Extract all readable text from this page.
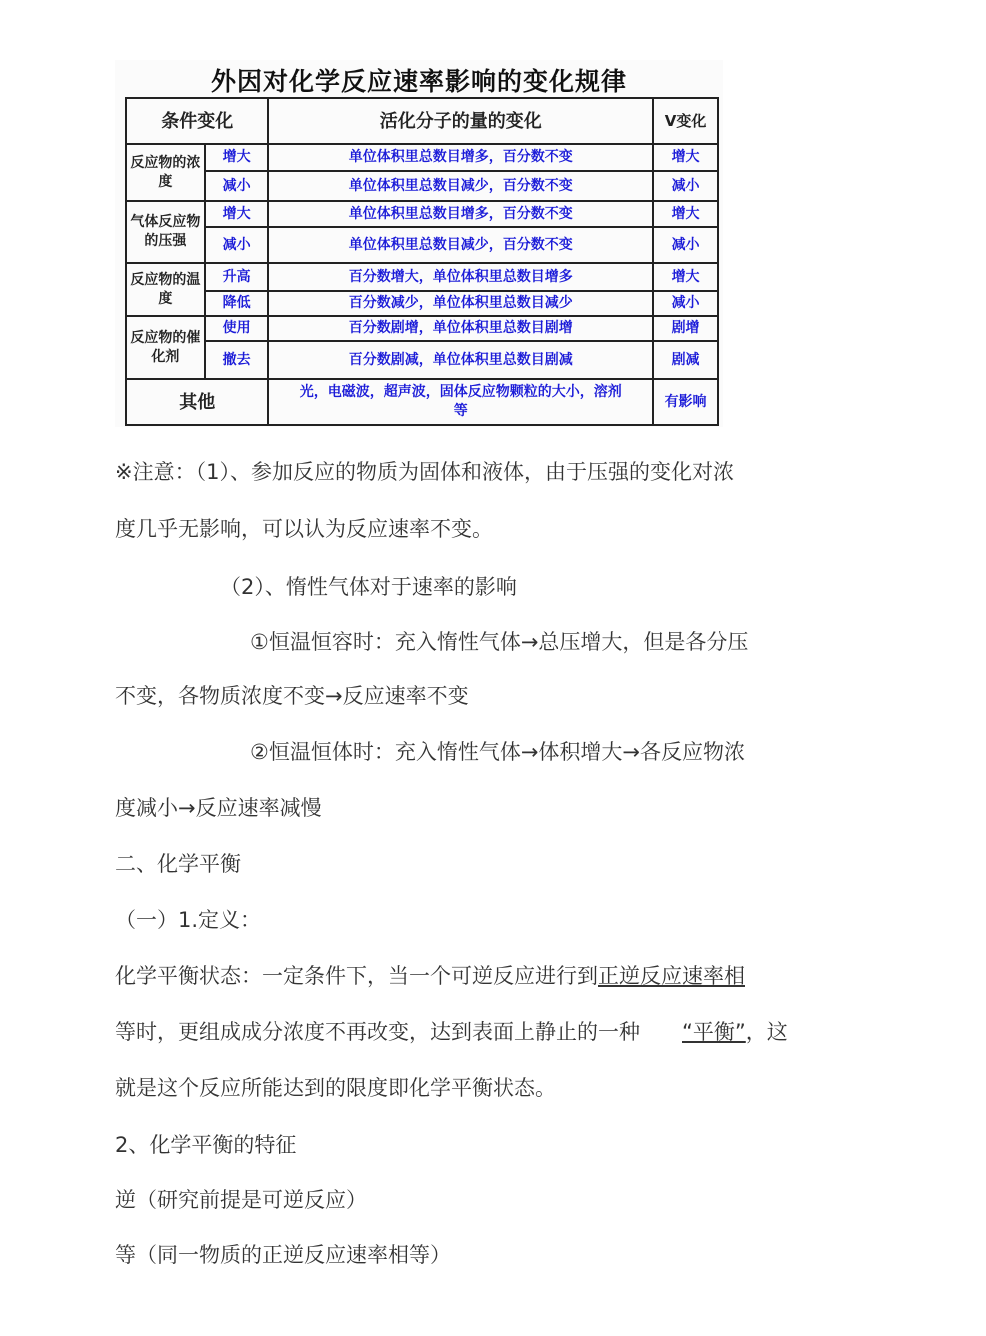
外因对化学反应速率影响的变化规律
条件变化		活化分子的量的变化	V变化
反应物的浓度	增大	单位体积里总数目增多，百分数不变	增大
	减小	单位体积里总数目减少，百分数不变	减小
气体反应物的压强	增大	单位体积里总数目增多，百分数不变	增大
	减小	单位体积里总数目减少，百分数不变	减小
反应物的温度	升高	百分数增大，单位体积里总数目增多	增大
	降低	百分数减少，单位体积里总数目减少	减小
反应物的催化剂	使用	百分数剧增，单位体积里总数目剧增	剧增
	撤去	百分数剧减，单位体积里总数目剧减	剧减
其他		光，电磁波，超声波，固体反应物颗粒的大小，溶剂等	有影响
※注意：（1）、参加反应的物质为固体和液体，由于压强的变化对浓
度几乎无影响，可以认为反应速率不变。
（2）、惰性气体对于速率的影响
①恒温恒容时：充入惰性气体→总压增大，但是各分压
不变，各物质浓度不变→反应速率不变
②恒温恒体时：充入惰性气体→体积增大→各反应物浓
度减小→反应速率减慢
二、化学平衡
（一）1.定义：
化学平衡状态：一定条件下，当一个可逆反应进行到正逆反应速率相
等时，更组成成分浓度不再改变，达到表面上静止的一种　　“平衡”，这
就是这个反应所能达到的限度即化学平衡状态。
2、化学平衡的特征
逆（研究前提是可逆反应）
等（同一物质的正逆反应速率相等）
